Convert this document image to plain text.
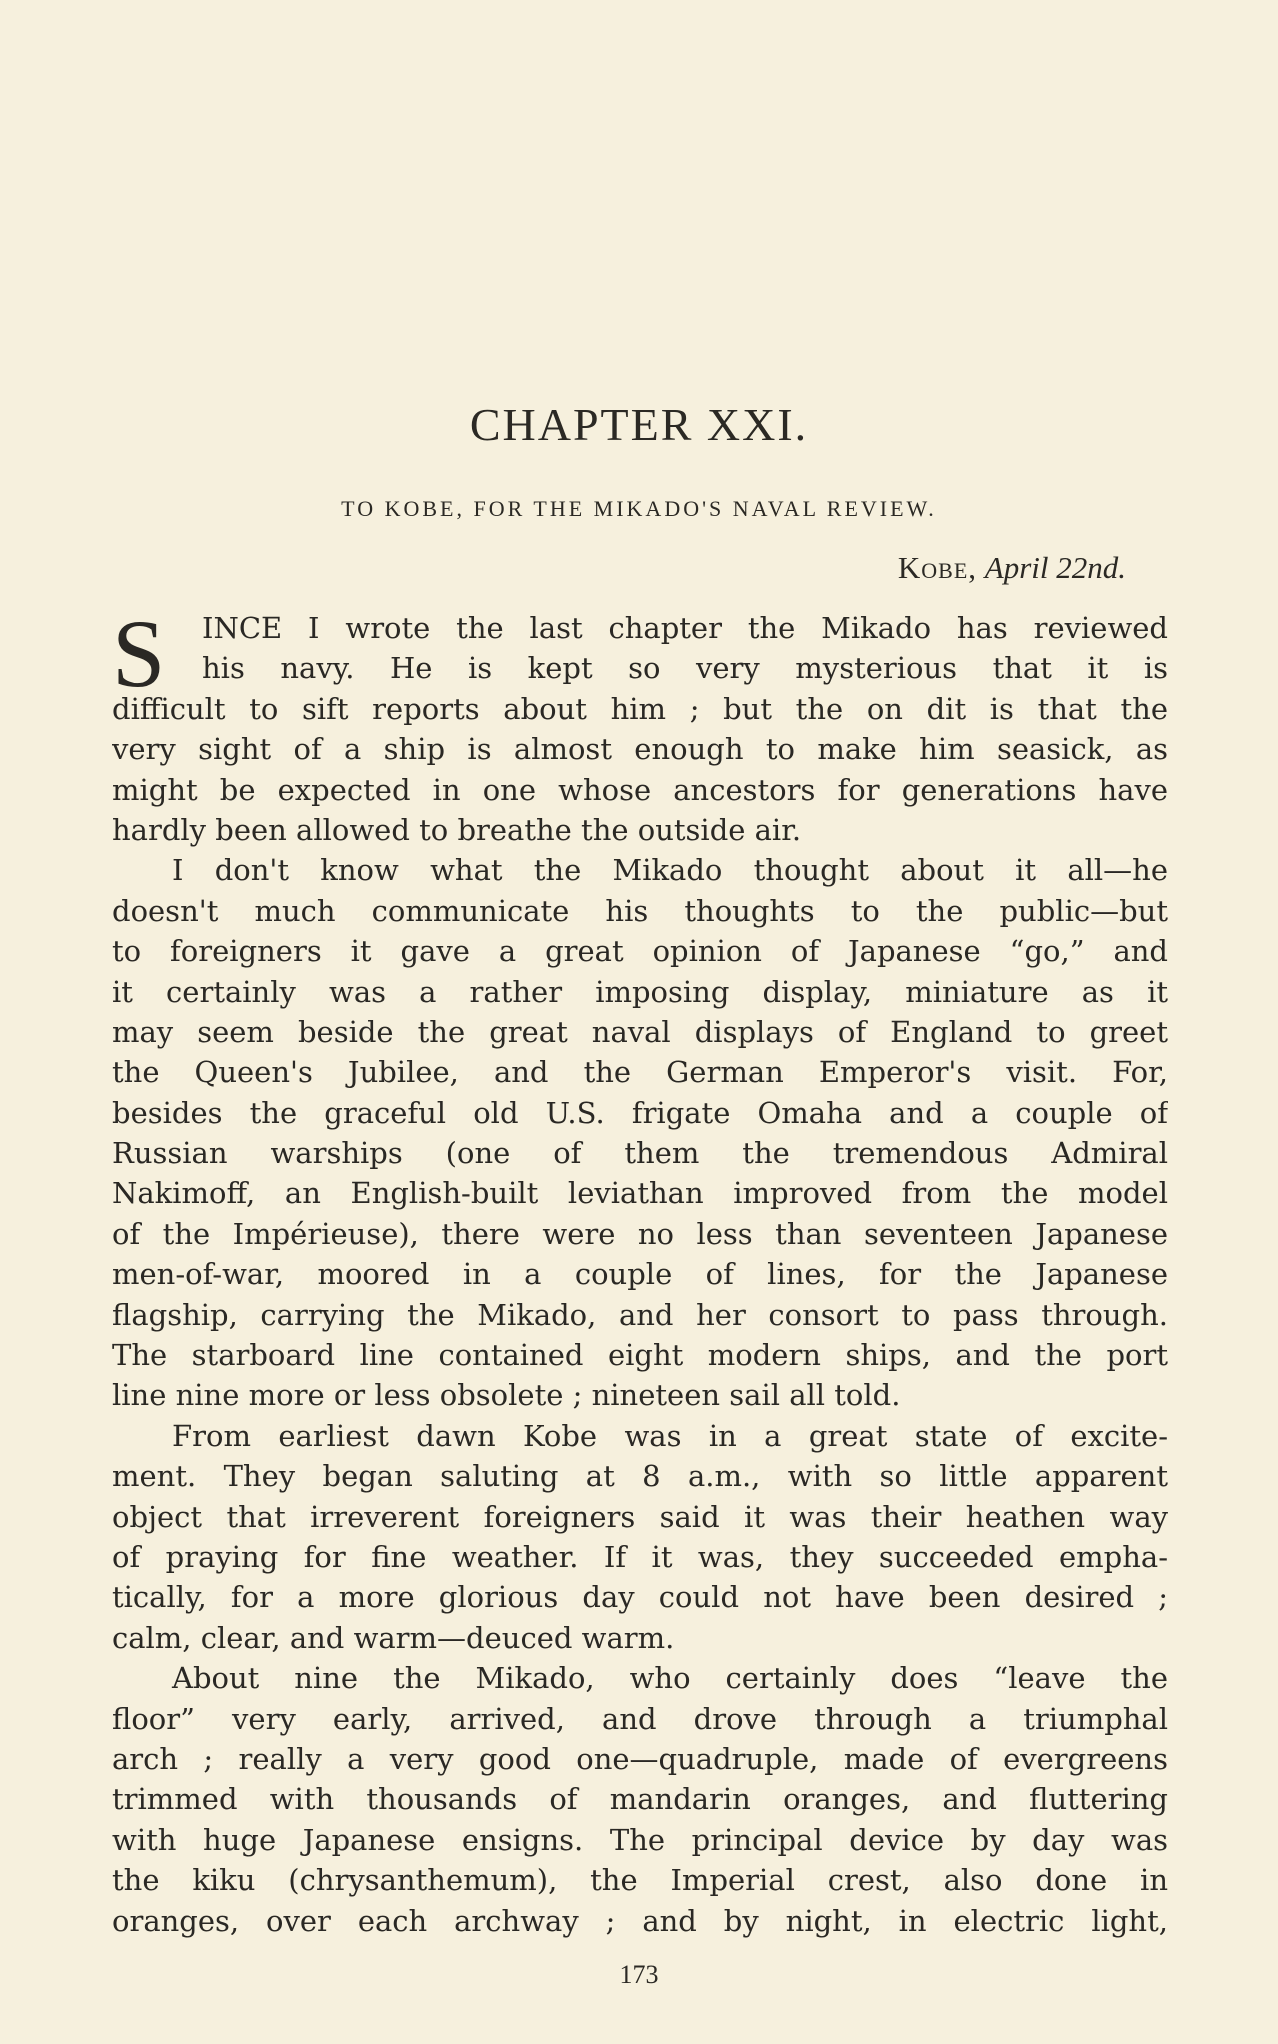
CHAPTER XXI.
TO KOBE, FOR THE MIKADO'S NAVAL REVIEW.
Kobe, April 22nd.
S	INCE I wrote the last chapter the Mikado has reviewed
his navy. He is kept so very mysterious that it is
difficult to sift reports about him ; but the on dit is that the
very sight of a ship is almost enough to make him seasick, as
might be expected in one whose ancestors for generations have
hardly been allowed to breathe the outside air.
I don't know what the Mikado thought about it all—he
doesn't much communicate his thoughts to the public—but
to foreigners it gave a great opinion of Japanese “go,” and
it certainly was a rather imposing display, miniature as it
may seem beside the great naval displays of England to greet
the Queen's Jubilee, and the German Emperor's visit. For,
besides the graceful old U.S. frigate Omaha and a couple of
Russian warships (one of them the tremendous Admiral
Nakimoff, an English-built leviathan improved from the model
of the Impérieuse), there were no less than seventeen Japanese
men-of-war, moored in a couple of lines, for the Japanese
flagship, carrying the Mikado, and her consort to pass through.
The starboard line contained eight modern ships, and the port
line nine more or less obsolete ; nineteen sail all told.
From earliest dawn Kobe was in a great state of excite-
ment. They began saluting at 8 a.m., with so little apparent
object that irreverent foreigners said it was their heathen way
of praying for fine weather. If it was, they succeeded empha-
tically, for a more glorious day could not have been desired ;
calm, clear, and warm—deuced warm.
About nine the Mikado, who certainly does “leave the
floor” very early, arrived, and drove through a triumphal
arch ; really a very good one—quadruple, made of evergreens
trimmed with thousands of mandarin oranges, and fluttering
with huge Japanese ensigns. The principal device by day was
the kiku (chrysanthemum), the Imperial crest, also done in
oranges, over each archway ; and by night, in electric light,
173
